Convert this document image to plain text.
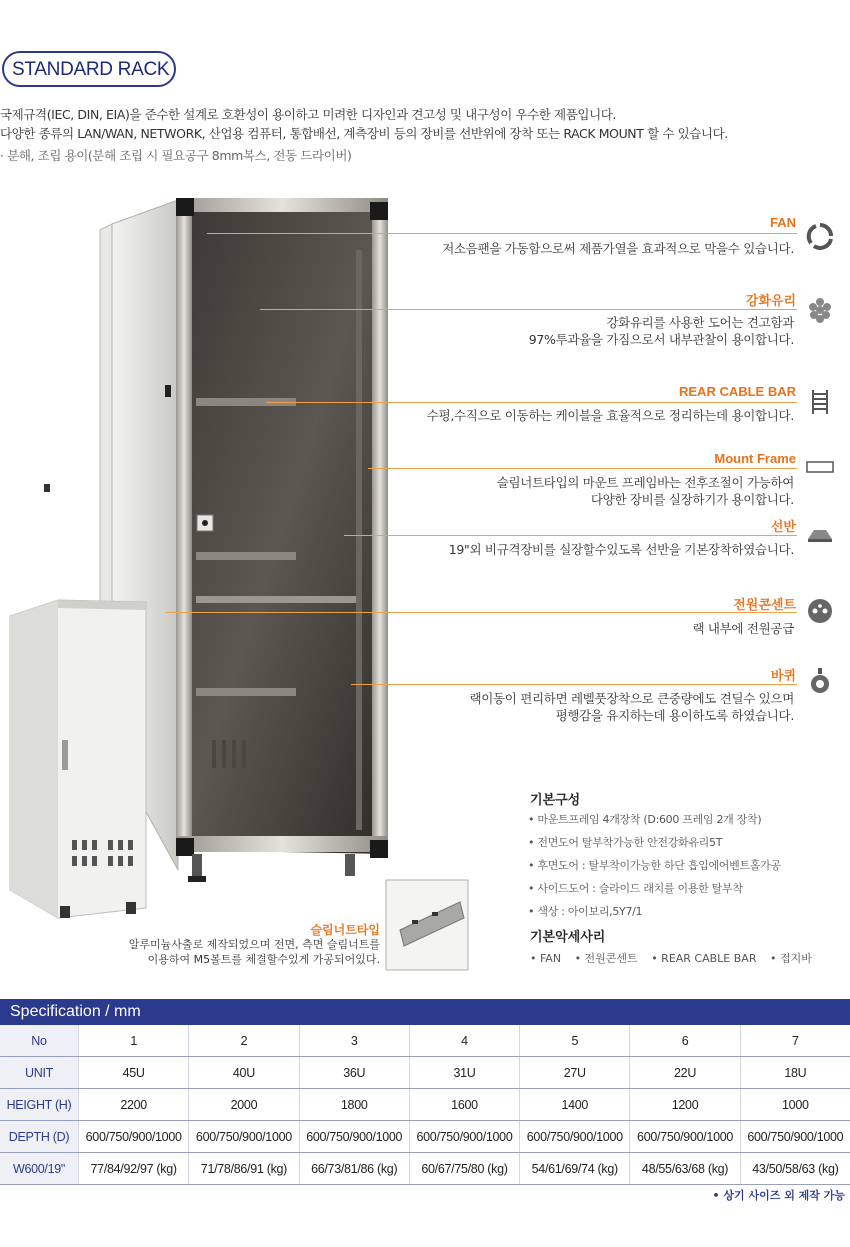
STANDARD RACK
국제규격(IEC, DIN, EIA)을 준수한 설계로 호환성이 용이하고 미려한 디자인과 견고성 및 내구성이 우수한 제품입니다.
다양한 종류의 LAN/WAN, NETWORK, 산업용 컴퓨터, 통합배선, 계측장비 등의 장비를 선반위에 장착 또는 RACK MOUNT 할 수 있습니다.
· 분해, 조립 용이(분해 조립 시 필요공구 8mm복스, 전동 드라이버)
FAN
저소음팬을 가동함으로써 제품가열을 효과적으로 막을수 있습니다.
강화유리
강화유리를 사용한 도어는 견고함과
97%투과율을 가짐으로서 내부관찰이 용이합니다.
REAR CABLE BAR
수평,수직으로 이동하는 케이블을 효율적으로 정리하는데 용이합니다.
Mount Frame
슬림너트타입의 마운트 프레임바는 전후조절이 가능하여
다양한 장비를 실장하기가 용이합니다.
선반
19"외 비규격장비를 실장할수있도록 선반을 기본장착하였습니다.
전원콘센트
랙 내부에 전원공급
바퀴
랙이동이 편리하면 레벨풋장착으로 큰중량에도 견딜수 있으며
평행감을 유지하는데 용이하도록 하였습니다.
기본구성
• 마운트프레임 4개장착 (D:600 프레임 2개 장착)
• 전면도어 탈부착가능한 안전강화유리5T
• 후면도어 : 탈부착이가능한 하단 흡입에어벤트홀가공
• 사이드도어 : 슬라이드 래치를 이용한 탈부착
• 색상 : 아이보리,5Y7/1
기본악세사리
• FAN • 전원콘센트 • REAR CABLE BAR • 접지바
슬림너트타입
알루미늄사출로 제작되었으며 전면, 측면 슬림너트를
이용하여 M5볼트를 체결할수있게 가공되어있다.
Specification / mm
No	1	2	3	4	5	6	7
UNIT	45U	40U	36U	31U	27U	22U	18U
HEIGHT (H)	2200	2000	1800	1600	1400	1200	1000
DEPTH (D)	600/750/900/1000	600/750/900/1000	600/750/900/1000	600/750/900/1000	600/750/900/1000	600/750/900/1000	600/750/900/1000
W600/19"	77/84/92/97 (kg)	71/78/86/91 (kg)	66/73/81/86 (kg)	60/67/75/80 (kg)	54/61/69/74 (kg)	48/55/63/68 (kg)	43/50/58/63 (kg)
• 상기 사이즈 외 제작 가능
